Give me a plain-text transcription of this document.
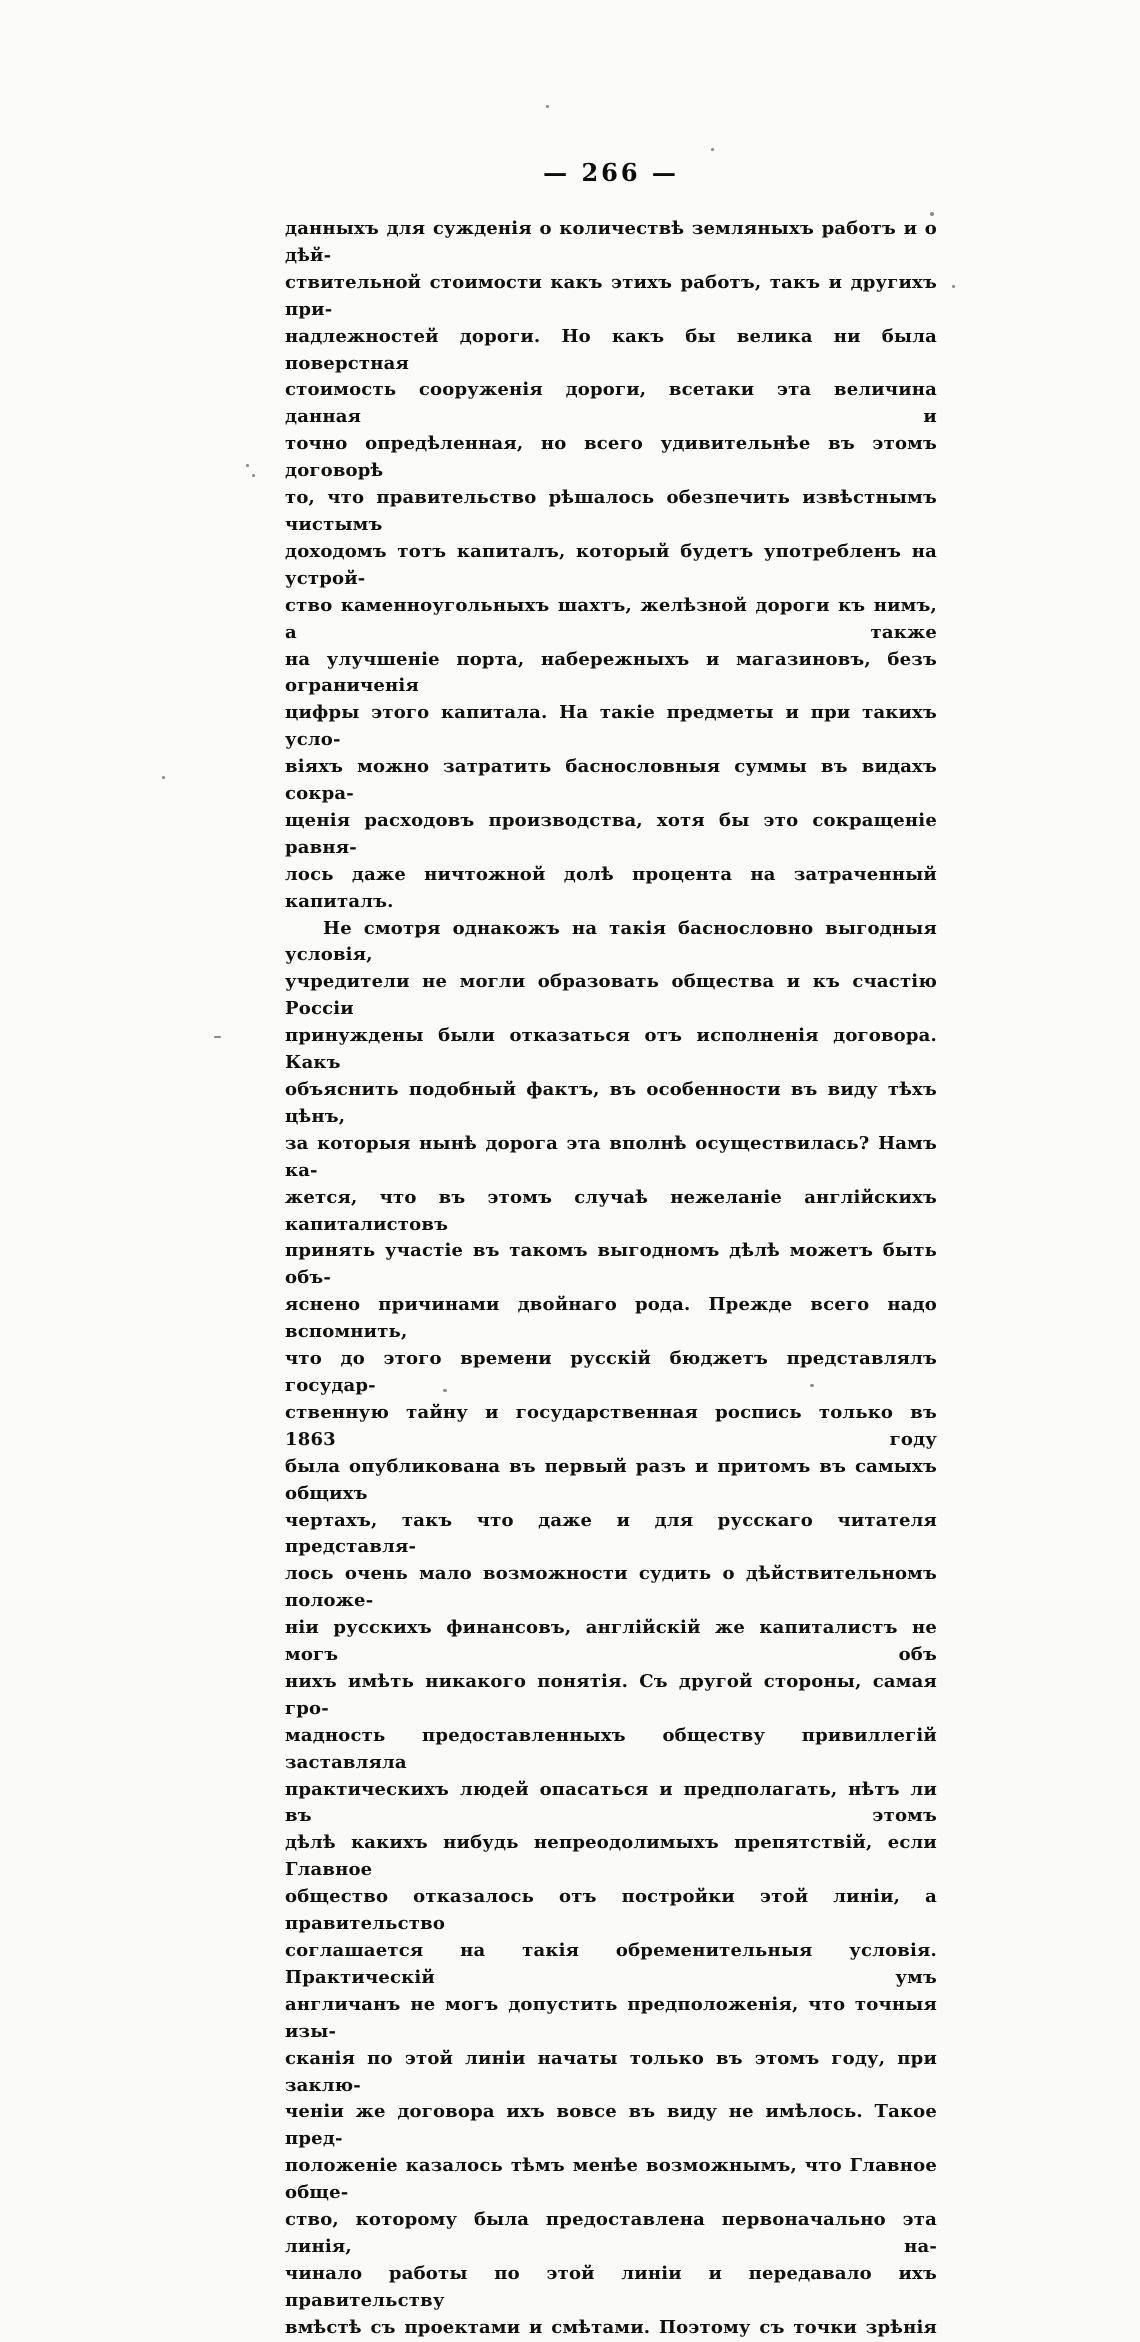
— 266 —
данныхъ для сужденія о количествѣ земляныхъ работъ и о дѣй-
ствительной стоимости какъ этихъ работъ, такъ и другихъ при-
надлежностей дороги. Но какъ бы велика ни была поверстная
стоимость сооруженія дороги, всетаки эта величина данная и
точно опредѣленная, но всего удивительнѣе въ этомъ договорѣ
то, что правительство рѣшалось обезпечить извѣстнымъ чистымъ
доходомъ тотъ капиталъ, который будетъ употребленъ на устрой-
ство каменноугольныхъ шахтъ, желѣзной дороги къ нимъ, а также
на улучшеніе порта, набережныхъ и магазиновъ, безъ ограниченія
цифры этого капитала. На такіе предметы и при такихъ усло-
віяхъ можно затратить баснословныя суммы въ видахъ сокра-
щенія расходовъ производства, хотя бы это сокращеніе равня-
лось даже ничтожной долѣ процента на затраченный капиталъ.
Не смотря однакожъ на такія баснословно выгодныя условія,
учредители не могли образовать общества и къ счастію Россіи
принуждены были отказаться отъ исполненія договора. Какъ
объяснить подобный фактъ, въ особенности въ виду тѣхъ цѣнъ,
за которыя нынѣ дорога эта вполнѣ осуществилась? Намъ ка-
жется, что въ этомъ случаѣ нежеланіе англійскихъ капиталистовъ
принять участіе въ такомъ выгодномъ дѣлѣ можетъ быть объ-
яснено причинами двойнаго рода. Прежде всего надо вспомнить,
что до этого времени русскій бюджетъ представлялъ государ-
ственную тайну и государственная роспись только въ 1863 году
была опубликована въ первый разъ и притомъ въ самыхъ общихъ
чертахъ, такъ что даже и для русскаго читателя представля-
лось очень мало возможности судить о дѣйствительномъ положе-
ніи русскихъ финансовъ, англійскій же капиталистъ не могъ объ
нихъ имѣть никакого понятія. Съ другой стороны, самая гро-
мадность предоставленныхъ обществу привиллегій заставляла
практическихъ людей опасаться и предполагать, нѣтъ ли въ этомъ
дѣлѣ какихъ нибудь непреодолимыхъ препятствій, если Главное
общество отказалось отъ постройки этой линіи, а правительство
соглашается на такія обременительныя условія. Практическій умъ
англичанъ не могъ допустить предположенія, что точныя изы-
сканія по этой линіи начаты только въ этомъ году, при заклю-
ченіи же договора ихъ вовсе въ виду не имѣлось. Такое пред-
положеніе казалось тѣмъ менѣе возможнымъ, что Главное обще-
ство, которому была предоставлена первоначально эта линія, на-
чинало работы по этой линіи и передавало ихъ правительству
вмѣстѣ съ проектами и смѣтами. Поэтому съ точки зрѣнія
